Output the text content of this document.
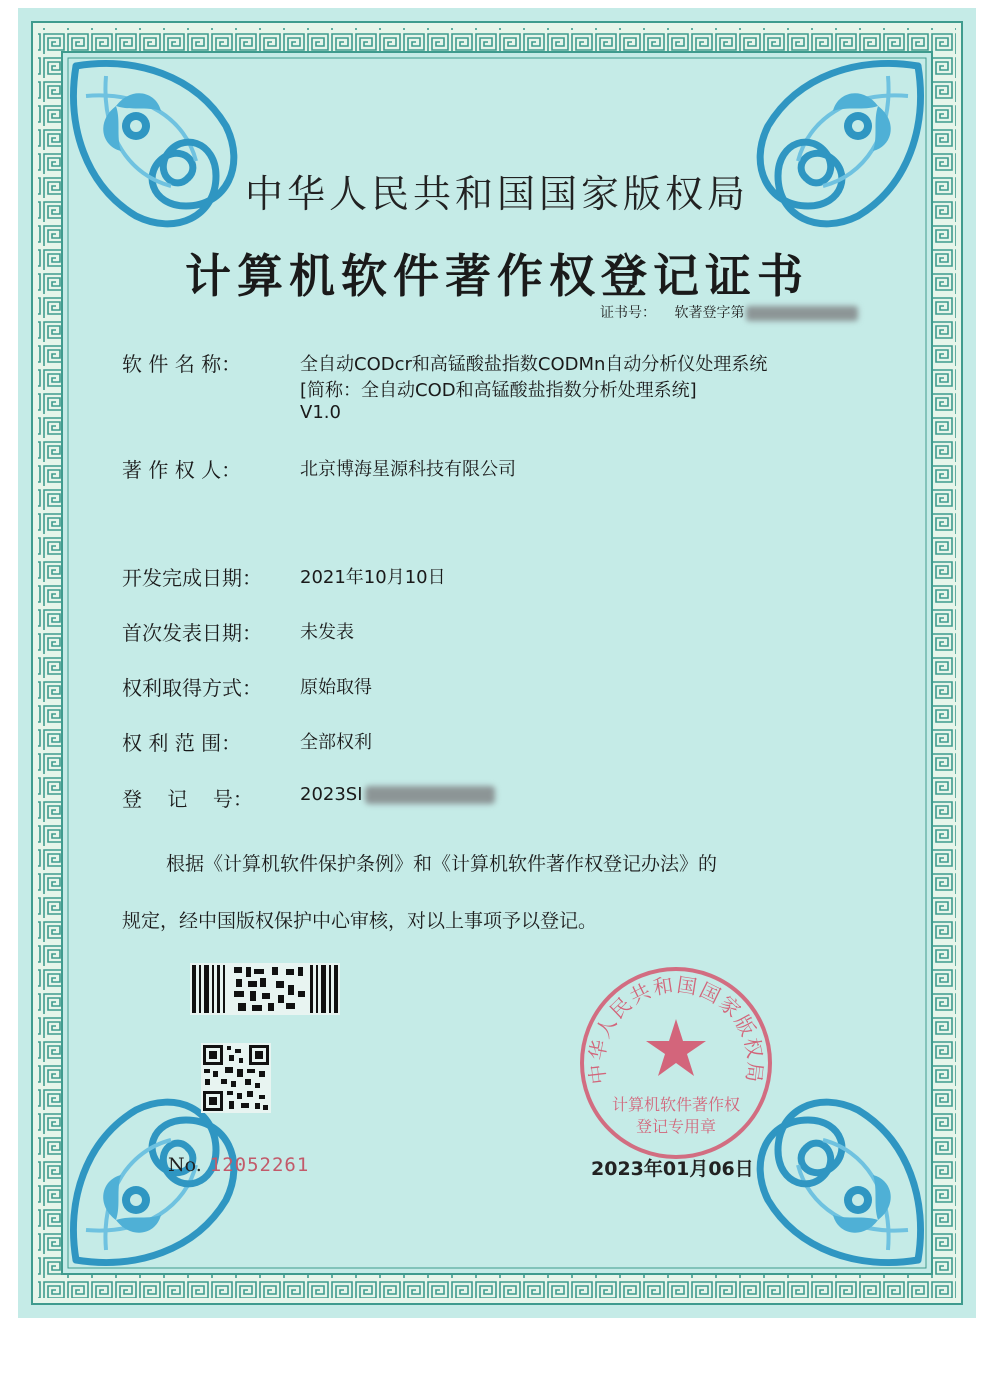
中华人民共和国国家版权局
计算机软件著作权登记证书
证书号： 软著登字第
软 件 名 称：	全自动CODcr和高锰酸盐指数CODMn自动分析仪处理系统
[简称：全自动COD和高锰酸盐指数分析处理系统]
V1.0
著 作 权 人：	北京博海星源科技有限公司
开发完成日期： 2021年10月10日
首次发表日期： 未发表
权利取得方式： 原始取得
权 利 范 围：	全部权利
登    记    号：	2023SI
根据《计算机软件保护条例》和《计算机软件著作权登记办法》的
规定，经中国版权保护中心审核，对以上事项予以登记。
No. 12052261
中华人民共和国国家版权局
计算机软件著作权
登记专用章
2023年01月06日
